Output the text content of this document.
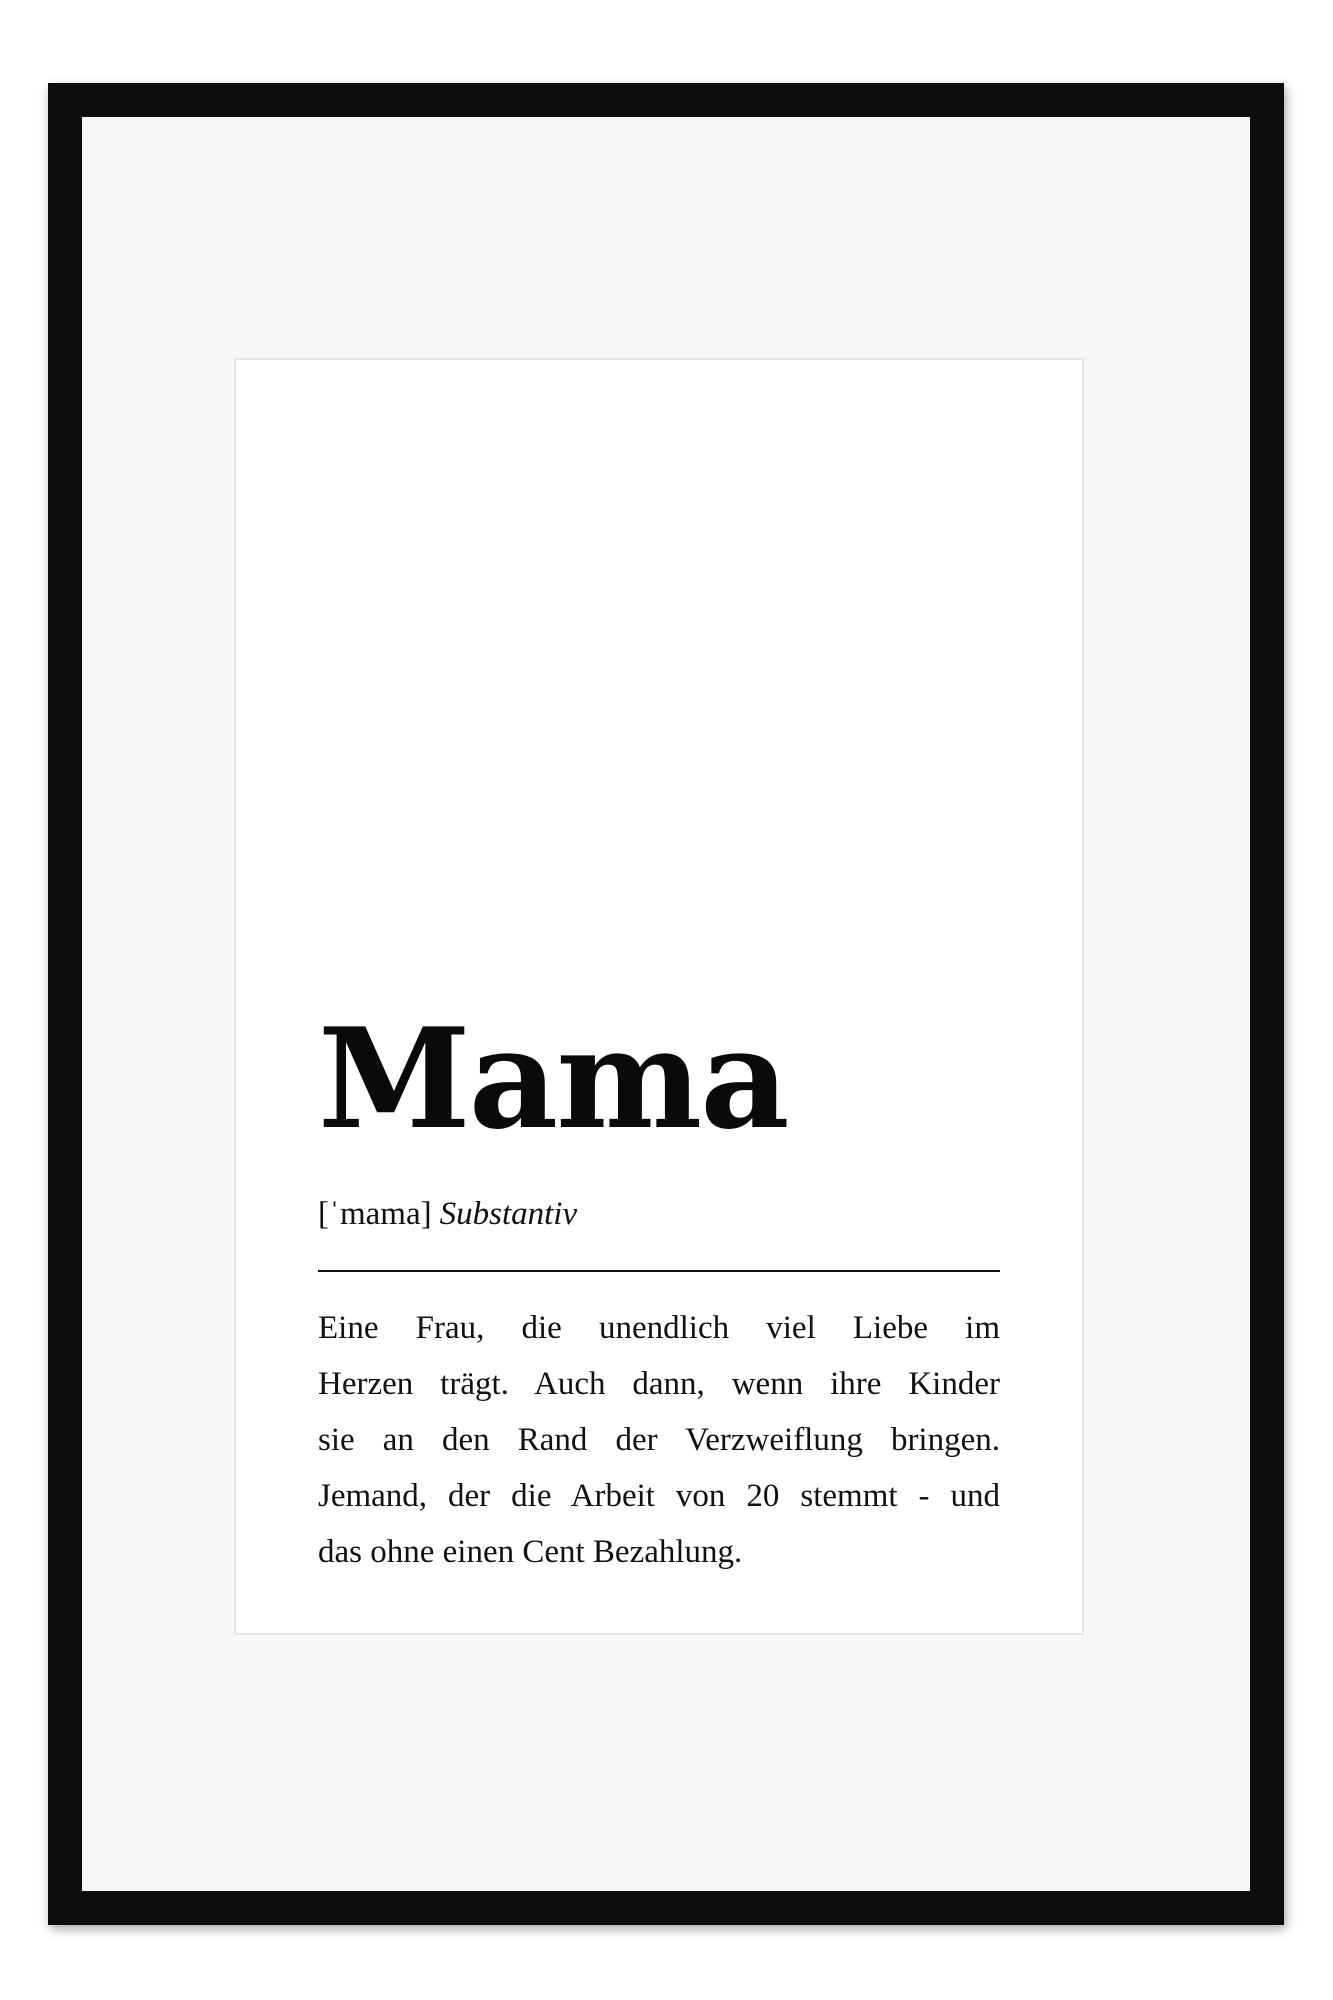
Mama
[ˈmama] Substantiv
Eine Frau, die unendlich viel Liebe im
Herzen trägt. Auch dann, wenn ihre Kinder
sie an den Rand der Verzweiflung bringen.
Jemand, der die Arbeit von 20 stemmt - und
das ohne einen Cent Bezahlung.
